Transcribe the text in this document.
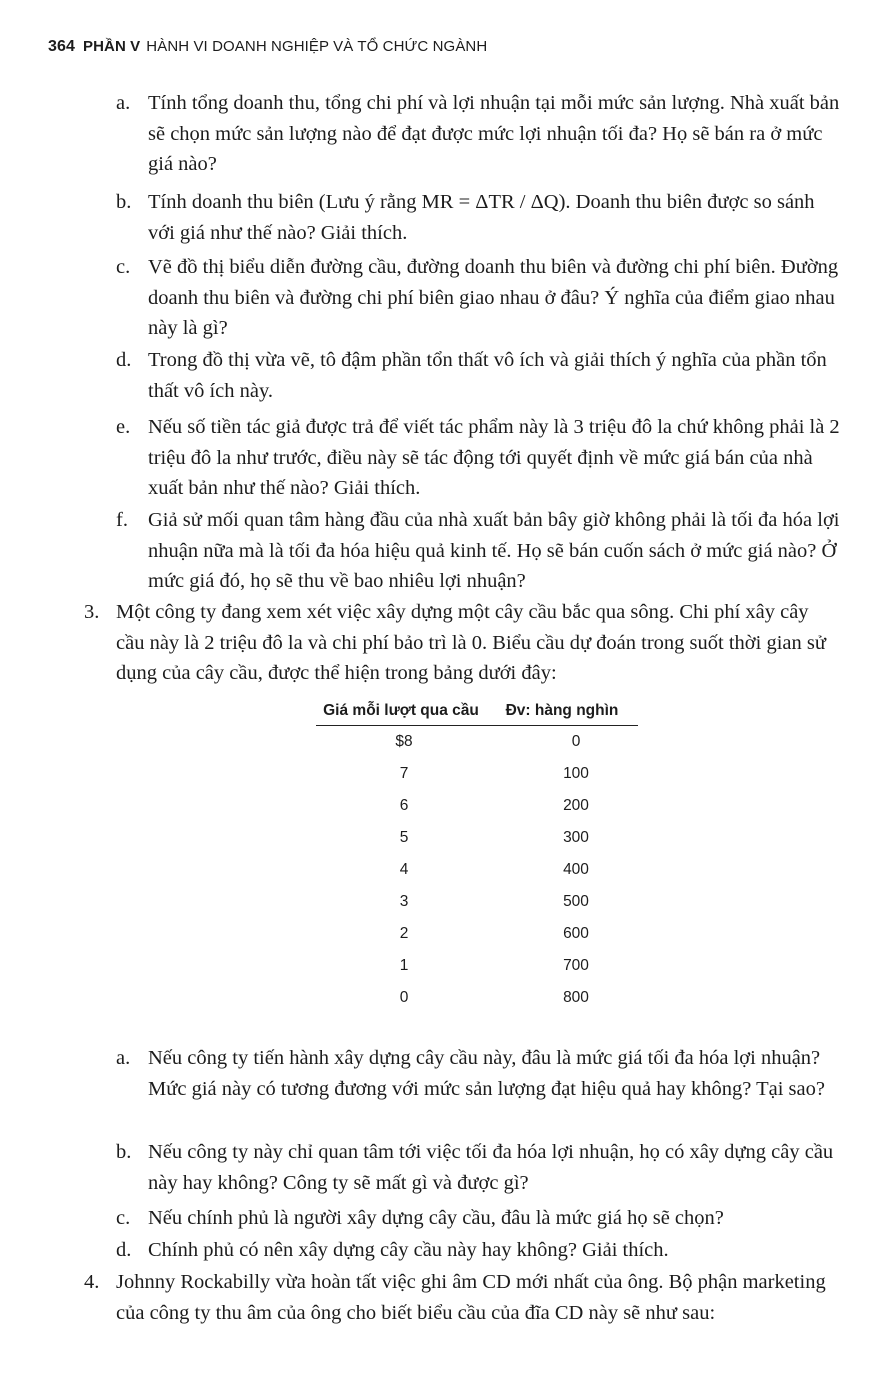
364 PHẦN V HÀNH VI DOANH NGHIỆP VÀ TỔ CHỨC NGÀNH
a. Tính tổng doanh thu, tổng chi phí và lợi nhuận tại mỗi mức sản lượng. Nhà xuất bản sẽ chọn mức sản lượng nào để đạt được mức lợi nhuận tối đa? Họ sẽ bán ra ở mức giá nào?
b. Tính doanh thu biên (Lưu ý rằng MR = ΔTR / ΔQ). Doanh thu biên được so sánh với giá như thế nào? Giải thích.
c. Vẽ đồ thị biểu diễn đường cầu, đường doanh thu biên và đường chi phí biên. Đường doanh thu biên và đường chi phí biên giao nhau ở đâu? Ý nghĩa của điểm giao nhau này là gì?
d. Trong đồ thị vừa vẽ, tô đậm phần tổn thất vô ích và giải thích ý nghĩa của phần tổn thất vô ích này.
e. Nếu số tiền tác giả được trả để viết tác phẩm này là 3 triệu đô la chứ không phải là 2 triệu đô la như trước, điều này sẽ tác động tới quyết định về mức giá bán của nhà xuất bản như thế nào? Giải thích.
f. Giả sử mối quan tâm hàng đầu của nhà xuất bản bây giờ không phải là tối đa hóa lợi nhuận nữa mà là tối đa hóa hiệu quả kinh tế. Họ sẽ bán cuốn sách ở mức giá nào? Ở mức giá đó, họ sẽ thu về bao nhiêu lợi nhuận?
3. Một công ty đang xem xét việc xây dựng một cây cầu bắc qua sông. Chi phí xây cây cầu này là 2 triệu đô la và chi phí bảo trì là 0. Biểu cầu dự đoán trong suốt thời gian sử dụng của cây cầu, được thể hiện trong bảng dưới đây:
Giá mỗi lượt qua cầu	Đv: hàng nghìn
$8	0
7	100
6	200
5	300
4	400
3	500
2	600
1	700
0	800
a. Nếu công ty tiến hành xây dựng cây cầu này, đâu là mức giá tối đa hóa lợi nhuận? Mức giá này có tương đương với mức sản lượng đạt hiệu quả hay không? Tại sao?
b. Nếu công ty này chỉ quan tâm tới việc tối đa hóa lợi nhuận, họ có xây dựng cây cầu này hay không? Công ty sẽ mất gì và được gì?
c. Nếu chính phủ là người xây dựng cây cầu, đâu là mức giá họ sẽ chọn?
d. Chính phủ có nên xây dựng cây cầu này hay không? Giải thích.
4. Johnny Rockabilly vừa hoàn tất việc ghi âm CD mới nhất của ông. Bộ phận marketing của công ty thu âm của ông cho biết biểu cầu của đĩa CD này sẽ như sau:
